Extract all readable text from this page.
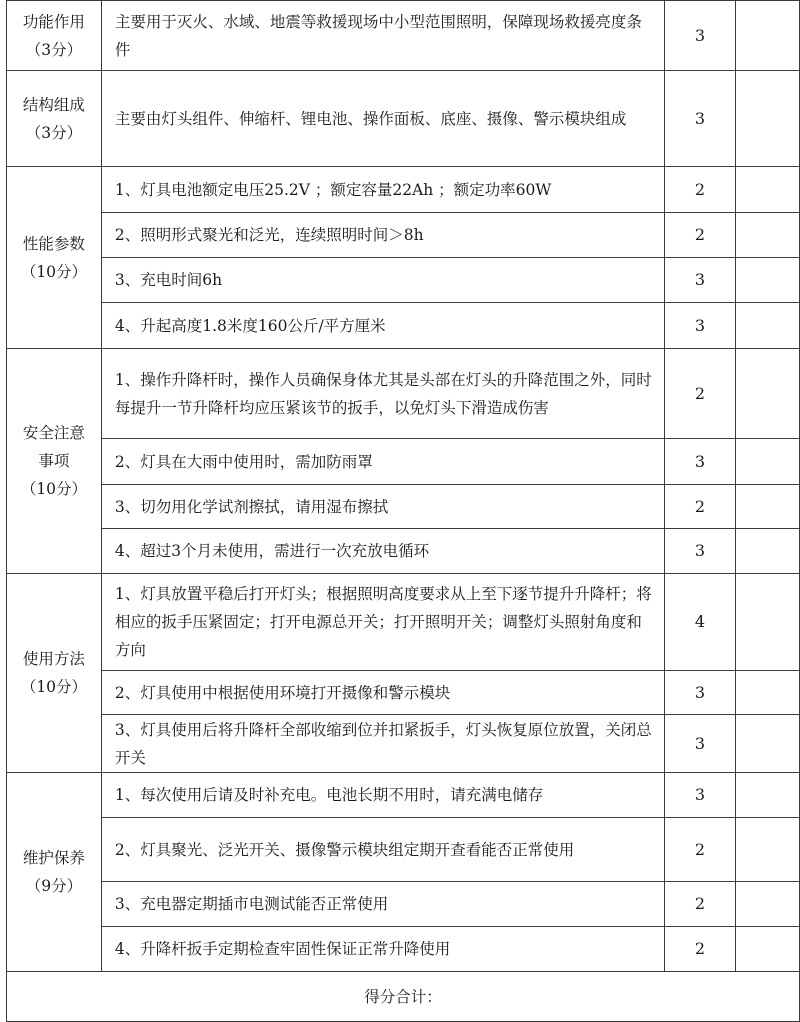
功能作用
（3分）	主要用于灭火、水域、地震等救援现场中小型范围照明，保障现场救援亮度条件	3	

结构组成
（3分）	主要由灯头组件、伸缩杆、锂电池、操作面板、底座、摄像、警示模块组成	3	

性能参数
（10分）	1、灯具电池额定电压25.2V ；额定容量22Ah ；额定功率60W	2	
	2、照明形式聚光和泛光，连续照明时间＞8h	2	
	3、充电时间6h	3	
	4、升起高度1.8米度160公斤/平方厘米	3	

安全注意事项
（10分）	1、操作升降杆时，操作人员确保身体尤其是头部在灯头的升降范围之外，同时每提升一节升降杆均应压紧该节的扳手，以免灯头下滑造成伤害	2	
	2、灯具在大雨中使用时，需加防雨罩	3	
	3、切勿用化学试剂擦拭，请用湿布擦拭	2	
	4、超过3个月未使用，需进行一次充放电循环	3	

使用方法
（10分）	1、灯具放置平稳后打开灯头；根据照明高度要求从上至下逐节提升升降杆；将相应的扳手压紧固定；打开电源总开关；打开照明开关；调整灯头照射角度和方向	4	
	2、灯具使用中根据使用环境打开摄像和警示模块	3	
	3、灯具使用后将升降杆全部收缩到位并扣紧扳手，灯头恢复原位放置，关闭总开关	3	

维护保养
（9分）	1、每次使用后请及时补充电。电池长期不用时，请充满电储存	3	
	2、灯具聚光、泛光开关、摄像警示模块组定期开查看能否正常使用	2	
	3、充电器定期插市电测试能否正常使用	2	
	4、升降杆扳手定期检查牢固性保证正常升降使用	2	
得分合计：			
